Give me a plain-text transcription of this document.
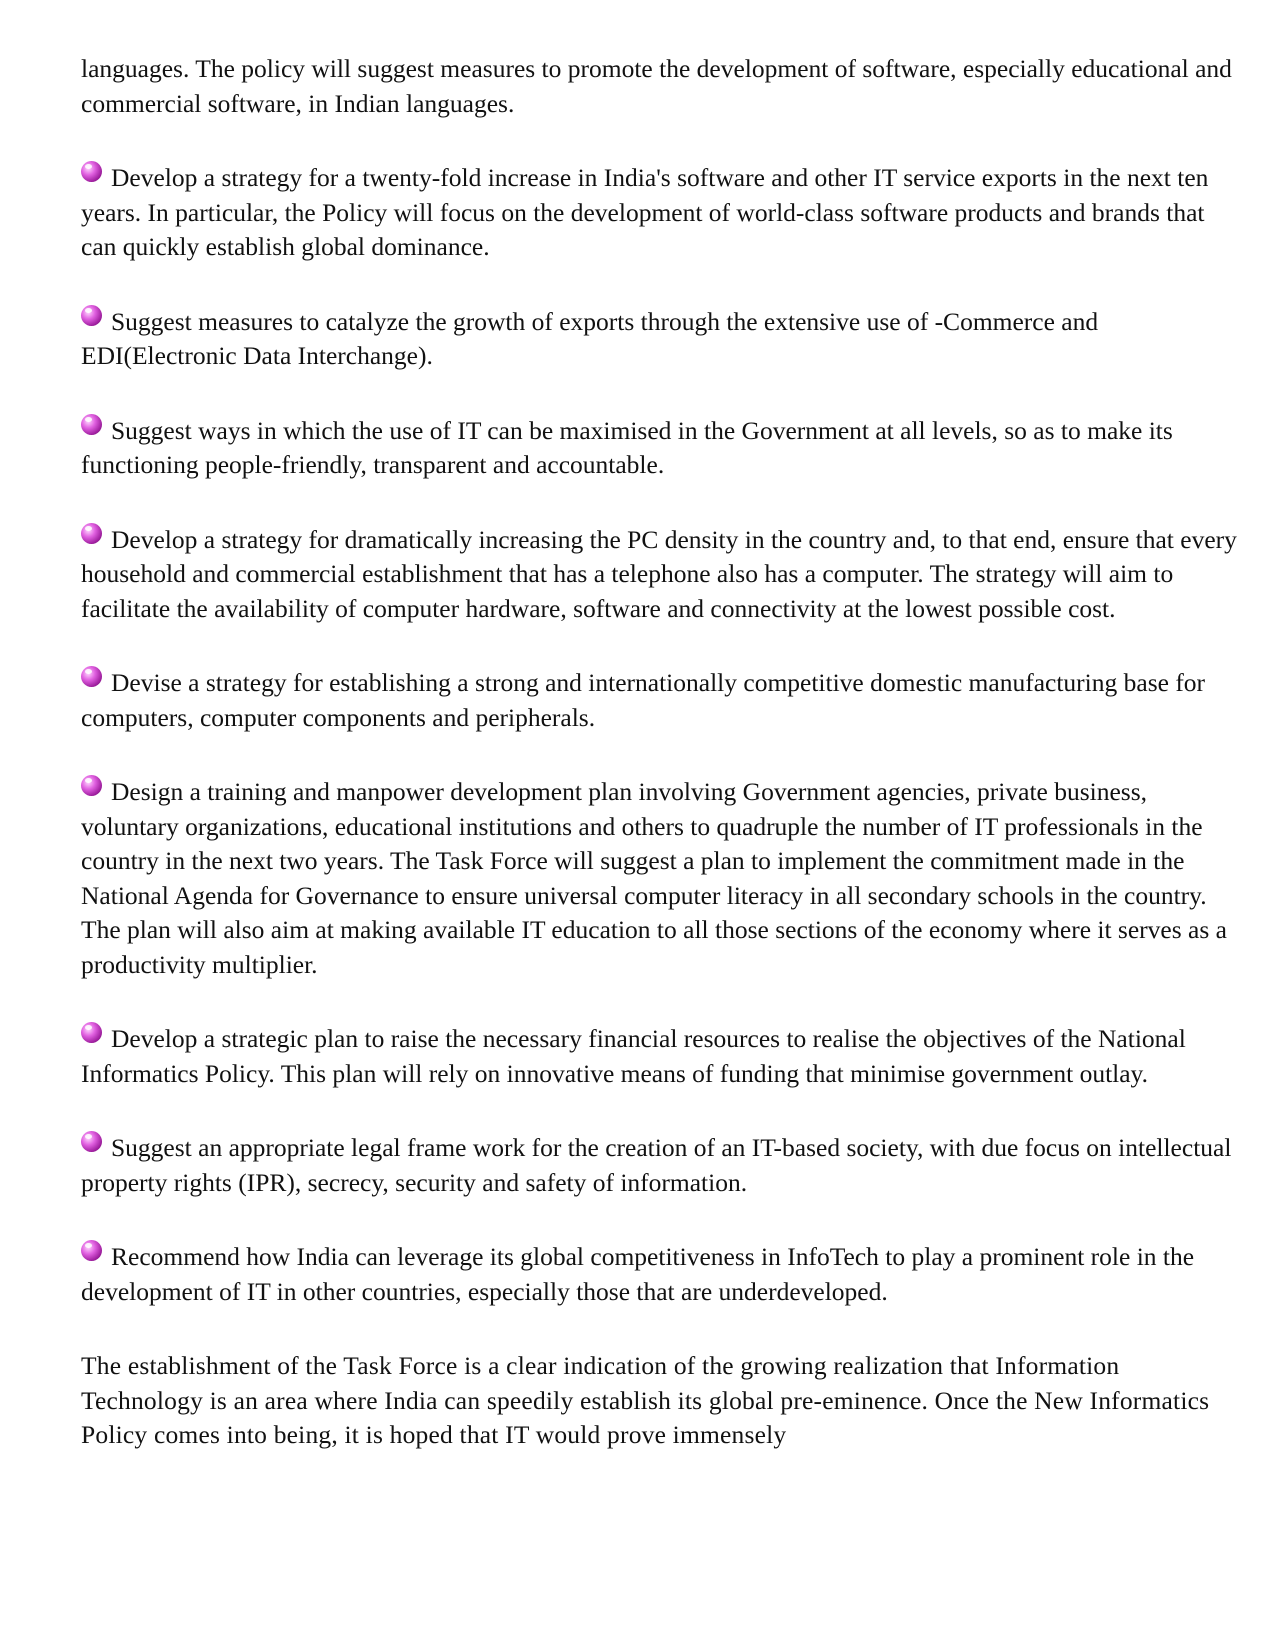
languages. The policy will suggest measures to promote the development of software, especially educational and commercial software, in Indian languages.

Develop a strategy for a twenty-fold increase in India's software and other IT service exports in the next ten years. In particular, the Policy will focus on the development of world-class software products and brands that can quickly establish global dominance.

Suggest measures to catalyze the growth of exports through the extensive use of -Commerce and EDI(Electronic Data Interchange).

Suggest ways in which the use of IT can be maximised in the Government at all levels, so as to make its functioning people-friendly, transparent and accountable.

Develop a strategy for dramatically increasing the PC density in the country and, to that end, ensure that every household and commercial establishment that has a telephone also has a computer. The strategy will aim to facilitate the availability of computer hardware, software and connectivity at the lowest possible cost.

Devise a strategy for establishing a strong and internationally competitive domestic manufacturing base for computers, computer components and peripherals.

Design a training and manpower development plan involving Government agencies, private business, voluntary organizations, educational institutions and others to quadruple the number of IT professionals in the country in the next two years. The Task Force will suggest a plan to implement the commitment made in the National Agenda for Governance to ensure universal computer literacy in all secondary schools in the country. The plan will also aim at making available IT education to all those sections of the economy where it serves as a productivity multiplier.

Develop a strategic plan to raise the necessary financial resources to realise the objectives of the National Informatics Policy. This plan will rely on innovative means of funding that minimise government outlay.

Suggest an appropriate legal frame work for the creation of an IT-based society, with due focus on intellectual property rights (IPR), secrecy, security and safety of information.

Recommend how India can leverage its global competitiveness in InfoTech to play a prominent role in the development of IT in other countries, especially those that are underdeveloped.

The establishment of the Task Force is a clear indication of the growing realization that Information Technology is an area where India can speedily establish its global pre-eminence. Once the New Informatics Policy comes into being, it is hoped that IT would prove immensely
